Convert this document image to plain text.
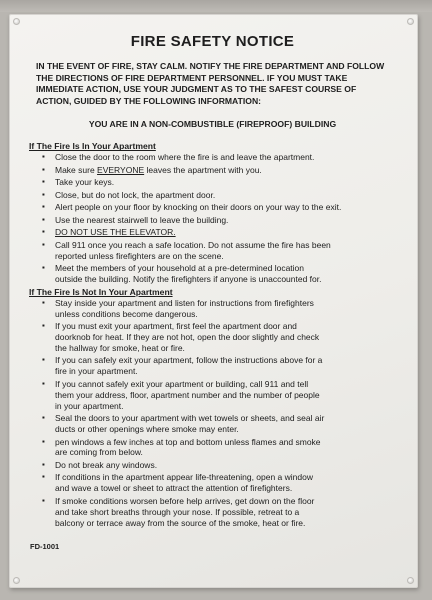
FIRE SAFETY NOTICE
IN THE EVENT OF FIRE, STAY CALM. NOTIFY THE FIRE DEPARTMENT AND FOLLOW
THE DIRECTIONS OF FIRE DEPARTMENT PERSONNEL. IF YOU MUST TAKE
IMMEDIATE ACTION, USE YOUR JUDGMENT AS TO THE SAFEST COURSE OF
ACTION, GUIDED BY THE FOLLOWING INFORMATION:
YOU ARE IN A NON-COMBUSTIBLE (FIREPROOF) BUILDING
If The Fire Is In Your Apartment
▪ Close the door to the room where the fire is and leave the apartment.
▪ Make sure EVERYONE leaves the apartment with you.
▪ Take your keys.
▪ Close, but do not lock, the apartment door.
▪ Alert people on your floor by knocking on their doors on your way to the exit.
▪ Use the nearest stairwell to leave the building.
▪ DO NOT USE THE ELEVATOR.
▪ Call 911 once you reach a safe location. Do not assume the fire has been
reported unless firefighters are on the scene.
▪ Meet the members of your household at a pre-determined location
outside the building. Notify the firefighters if anyone is unaccounted for.
If The Fire Is Not In Your Apartment
▪ Stay inside your apartment and listen for instructions from firefighters
unless conditions become dangerous.
▪ If you must exit your apartment, first feel the apartment door and
doorknob for heat. If they are not hot, open the door slightly and check
the hallway for smoke, heat or fire.
▪ If you can safely exit your apartment, follow the instructions above for a
fire in your apartment.
▪ If you cannot safely exit your apartment or building, call 911 and tell
them your address, floor, apartment number and the number of people
in your apartment.
▪ Seal the doors to your apartment with wet towels or sheets, and seal air
ducts or other openings where smoke may enter.
▪ pen windows a few inches at top and bottom unless flames and smoke
are coming from below.
▪ Do not break any windows.
▪ If conditions in the apartment appear life-threatening, open a window
and wave a towel or sheet to attract the attention of firefighters.
▪ If smoke conditions worsen before help arrives, get down on the floor
and take short breaths through your nose. If possible, retreat to a
balcony or terrace away from the source of the smoke, heat or fire.
FD-1001
